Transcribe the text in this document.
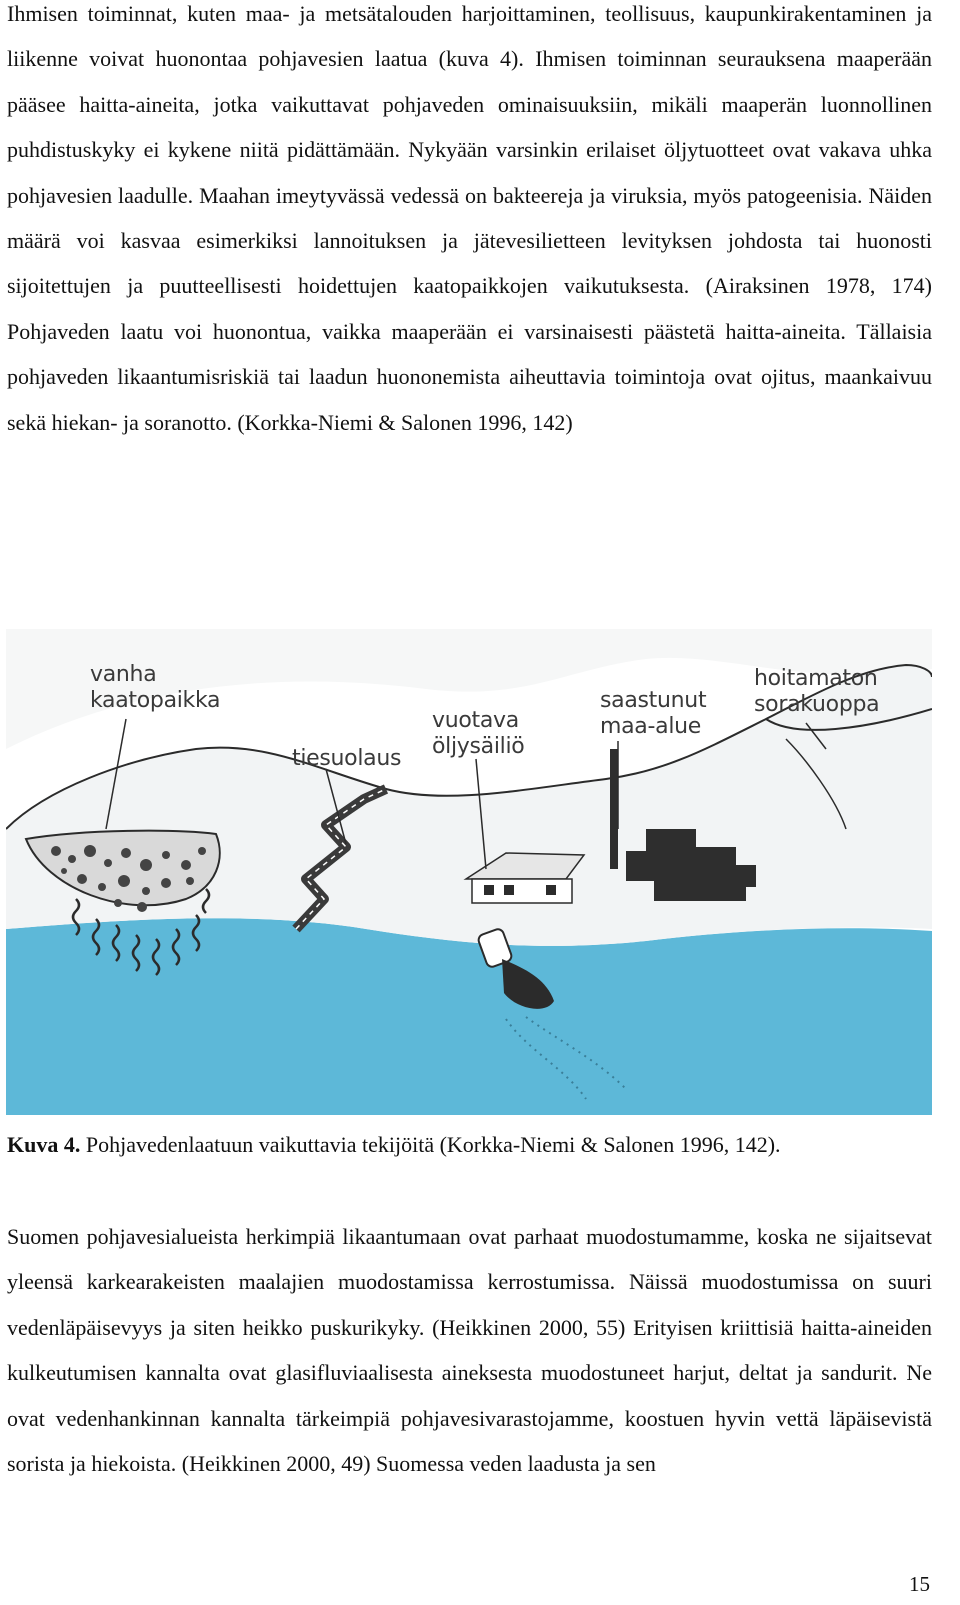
Ihmisen toiminnat, kuten maa- ja metsätalouden harjoittaminen, teollisuus, kaupunkirakentaminen ja liikenne voivat huonontaa pohjavesien laatua (kuva 4). Ihmisen toiminnan seurauksena maaperään pääsee haitta-aineita, jotka vaikuttavat pohjaveden ominaisuuksiin, mikäli maaperän luonnollinen puhdistuskyky ei kykene niitä pidättämään. Nykyään varsinkin erilaiset öljytuotteet ovat vakava uhka pohjavesien laadulle. Maahan imeytyvässä vedessä on bakteereja ja viruksia, myös patogeenisia. Näiden määrä voi kasvaa esimerkiksi lannoituksen ja jätevesilietteen levityksen johdosta tai huonosti sijoitettujen ja puutteellisesti hoidettujen kaatopaikkojen vaikutuksesta. (Airaksinen 1978, 174) Pohjaveden laatu voi huonontua, vaikka maaperään ei varsinaisesti päästetä haitta-aineita. Tällaisia pohjaveden likaantumisriskiä tai laadun huononemista aiheuttavia toimintoja ovat ojitus, maankaivuu sekä hiekan- ja soranotto. (Korkka-Niemi & Salonen 1996, 142)

vanha
kaatopaikka
tiesuolaus
vuotava
öljysäiliö
saastunut
maa-alue
hoitamaton
sorakuoppa

Kuva 4. Pohjavedenlaatuun vaikuttavia tekijöitä (Korkka-Niemi & Salonen 1996, 142).

Suomen pohjavesialueista herkimpiä likaantumaan ovat parhaat muodostumamme, koska ne sijaitsevat yleensä karkearakeisten maalajien muodostamissa kerrostumissa. Näissä muodostumissa on suuri vedenläpäisevyys ja siten heikko puskurikyky. (Heikkinen 2000, 55) Erityisen kriittisiä haitta-aineiden kulkeutumisen kannalta ovat glasifluviaalisesta aineksesta muodostuneet harjut, deltat ja sandurit. Ne ovat vedenhankinnan kannalta tärkeimpiä pohjavesivarastojamme, koostuen hyvin vettä läpäisevistä sorista ja hiekoista. (Heikkinen 2000, 49) Suomessa veden laadusta ja sen

15
